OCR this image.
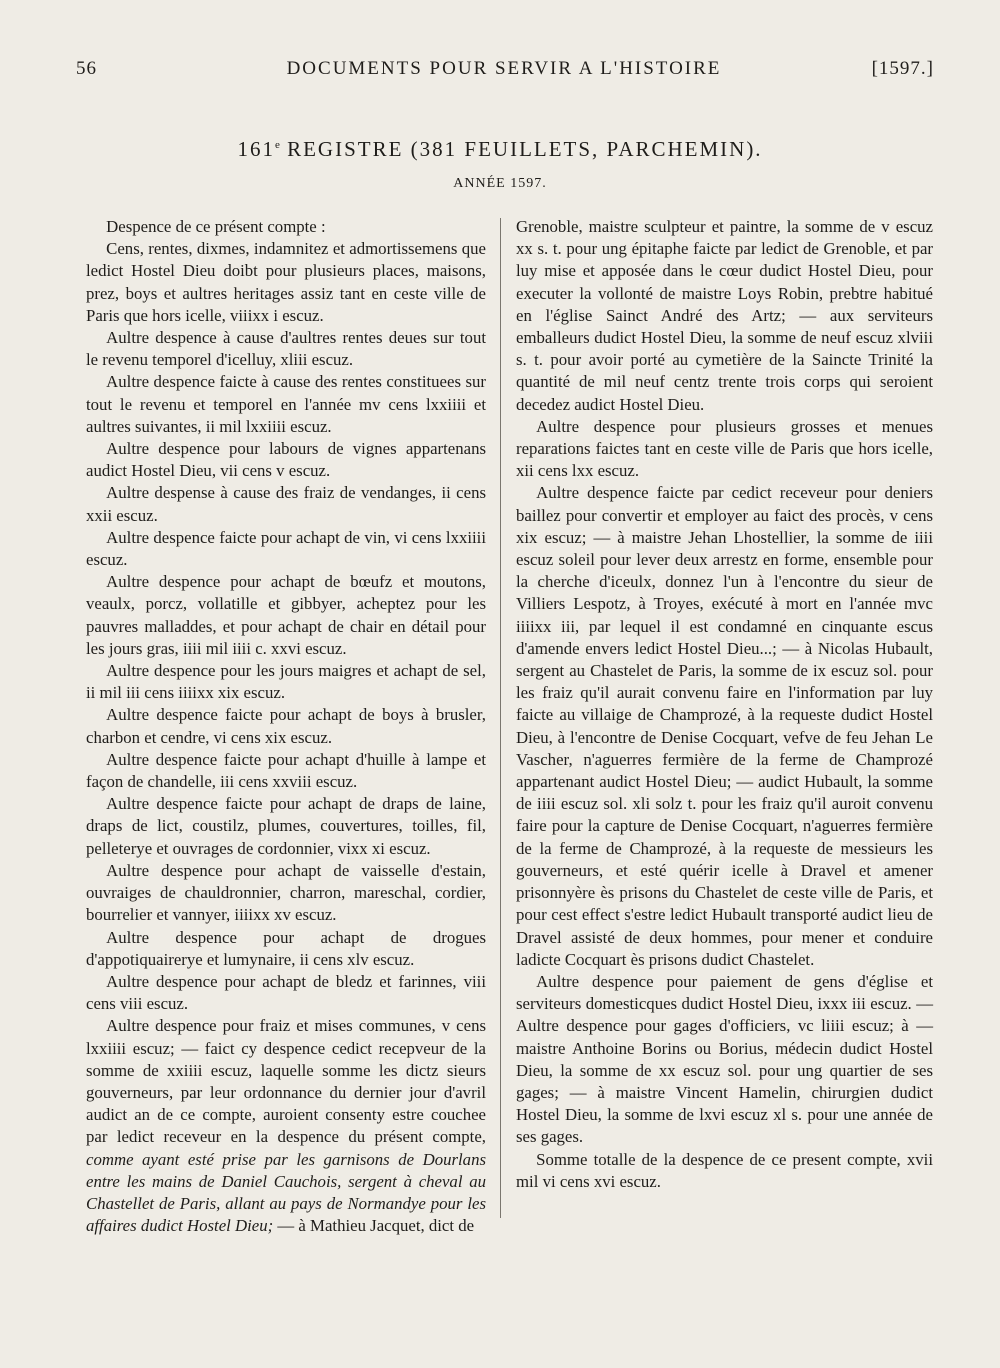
56	DOCUMENTS POUR SERVIR A L'HISTOIRE	[1597.]
161e REGISTRE (381 FEUILLETS, PARCHEMIN).
ANNÉE 1597.

Despence de ce présent compte :

Cens, rentes, dixmes, indamnitez et admortissemens que ledict Hostel Dieu doibt pour plusieurs places, maisons, prez, boys et aultres heritages assiz tant en ceste ville de Paris que hors icelle, viiixx i escuz.

Aultre despence à cause d'aultres rentes deues sur tout le revenu temporel d'icelluy, xliii escuz.

Aultre despence faicte à cause des rentes constituees sur tout le revenu et temporel en l'année mv cens lxxiiii et aultres suivantes, ii mil lxxiiii escuz.

Aultre despence pour labours de vignes appartenans audict Hostel Dieu, vii cens v escuz.

Aultre despense à cause des fraiz de vendanges, ii cens xxii escuz.

Aultre despence faicte pour achapt de vin, vi cens lxxiiii escuz.

Aultre despence pour achapt de bœufz et moutons, veaulx, porcz, vollatille et gibbyer, acheptez pour les pauvres malladdes, et pour achapt de chair en détail pour les jours gras, iiii mil iiii c. xxvi escuz.

Aultre despence pour les jours maigres et achapt de sel, ii mil iii cens iiiixx xix escuz.

Aultre despence faicte pour achapt de boys à brusler, charbon et cendre, vi cens xix escuz.

Aultre despence faicte pour achapt d'huille à lampe et façon de chandelle, iii cens xxviii escuz.

Aultre despence faicte pour achapt de draps de laine, draps de lict, coustilz, plumes, couvertures, toilles, fil, pelleterye et ouvrages de cordonnier, vixx xi escuz.

Aultre despence pour achapt de vaisselle d'estain, ouvraiges de chauldronnier, charron, mareschal, cordier, bourrelier et vannyer, iiiixx xv escuz.

Aultre despence pour achapt de drogues d'appotiquairerye et lumynaire, ii cens xlv escuz.

Aultre despence pour achapt de bledz et farinnes, viii cens viii escuz.

Aultre despence pour fraiz et mises communes, v cens lxxiiii escuz; — faict cy despence cedict recepveur de la somme de xxiiii escuz, laquelle somme les dictz sieurs gouverneurs, par leur ordonnance du dernier jour d'avril audict an de ce compte, auroient consenty estre couchee par ledict receveur en la despence du présent compte, comme ayant esté prise par les garnisons de Dourlans entre les mains de Daniel Cauchois, sergent à cheval au Chastellet de Paris, allant au pays de Normandye pour les affaires dudict Hostel Dieu; — à Mathieu Jacquet, dict de

Grenoble, maistre sculpteur et paintre, la somme de v escuz xx s. t. pour ung épitaphe faicte par ledict de Grenoble, et par luy mise et apposée dans le cœur dudict Hostel Dieu, pour executer la vollonté de maistre Loys Robin, prebtre habitué en l'église Sainct André des Artz; — aux serviteurs emballeurs dudict Hostel Dieu, la somme de neuf escuz xlviii s. t. pour avoir porté au cymetière de la Saincte Trinité la quantité de mil neuf centz trente trois corps qui seroient decedez audict Hostel Dieu.

Aultre despence pour plusieurs grosses et menues reparations faictes tant en ceste ville de Paris que hors icelle, xii cens lxx escuz.

Aultre despence faicte par cedict receveur pour deniers baillez pour convertir et employer au faict des procès, v cens xix escuz; — à maistre Jehan Lhostellier, la somme de iiii escuz soleil pour lever deux arrestz en forme, ensemble pour la cherche d'iceulx, donnez l'un à l'encontre du sieur de Villiers Lespotz, à Troyes, exécuté à mort en l'année mvc iiiixx iii, par lequel il est condamné en cinquante escus d'amende envers ledict Hostel Dieu...; — à Nicolas Hubault, sergent au Chastelet de Paris, la somme de ix escuz sol. pour les fraiz qu'il aurait convenu faire en l'information par luy faicte au villaige de Champrozé, à la requeste dudict Hostel Dieu, à l'encontre de Denise Cocquart, vefve de feu Jehan Le Vascher, n'aguerres fermière de la ferme de Champrozé appartenant audict Hostel Dieu; — audict Hubault, la somme de iiii escuz sol. xli solz t. pour les fraiz qu'il auroit convenu faire pour la capture de Denise Cocquart, n'aguerres fermière de la ferme de Champrozé, à la requeste de messieurs les gouverneurs, et esté quérir icelle à Dravel et amener prisonnyère ès prisons du Chastelet de ceste ville de Paris, et pour cest effect s'estre ledict Hubault transporté audict lieu de Dravel assisté de deux hommes, pour mener et conduire ladicte Cocquart ès prisons dudict Chastelet.

Aultre despence pour paiement de gens d'église et serviteurs domesticques dudict Hostel Dieu, ixxx iii escuz. — Aultre despence pour gages d'officiers, vc liiii escuz; à — maistre Anthoine Borins ou Borius, médecin dudict Hostel Dieu, la somme de xx escuz sol. pour ung quartier de ses gages; — à maistre Vincent Hamelin, chirurgien dudict Hostel Dieu, la somme de lxvi escuz xl s. pour une année de ses gages.

Somme totalle de la despence de ce present compte, xvii mil vi cens xvi escuz.
